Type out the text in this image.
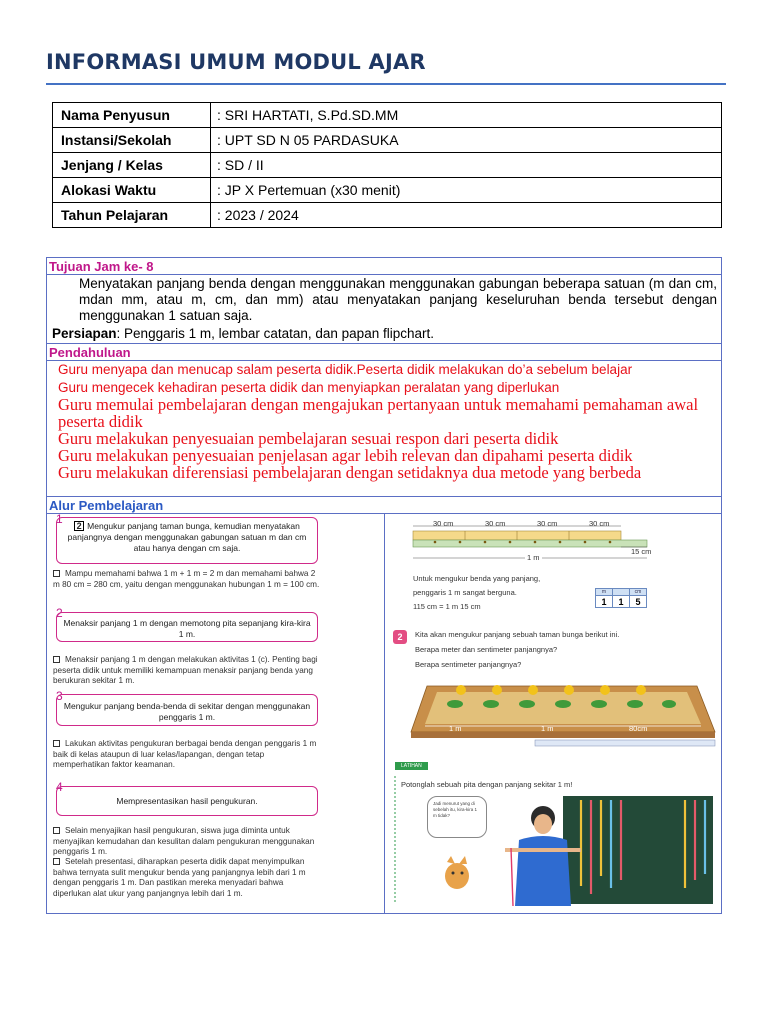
INFORMASI UMUM MODUL AJAR
Nama Penyusun	: SRI HARTATI, S.Pd.SD.MM
Instansi/Sekolah	: UPT SD N 05 PARDASUKA
Jenjang / Kelas	: SD / II
Alokasi Waktu	: JP X Pertemuan (x30 menit)
Tahun Pelajaran	: 2023 / 2024
Tujuan Jam ke- 8
Menyatakan panjang benda dengan menggunakan menggunakan gabungan beberapa satuan (m dan cm, mdan mm, atau m, cm, dan mm) atau menyatakan panjang keseluruhan benda tersebut dengan menggunakan 1 satuan saja.
Persiapan: Penggaris 1 m, lembar catatan, dan papan flipchart.
Pendahuluan
Guru menyapa dan menucap salam peserta didik.Peserta didik melakukan do’a sebelum belajar
Guru mengecek kehadiran peserta didik dan menyiapkan peralatan yang diperlukan
Guru memulai pembelajaran dengan mengajukan pertanyaan untuk memahami pemahaman awal
peserta didik
Guru melakukan penyesuaian pembelajaran sesuai respon dari peserta didik
Guru melakukan penyesuaian penjelasan agar lebih relevan dan dipahami peserta didik
Guru melakukan diferensiasi pembelajaran dengan setidaknya dua metode yang berbeda
Alur Pembelajaran
1	2 Mengukur panjang taman bunga, kemudian menyatakan panjangnya dengan menggunakan gabungan satuan m dan cm atau hanya dengan cm saja.
Mampu memahami bahwa 1 m + 1 m = 2 m dan memahami bahwa 2 m 80 cm = 280 cm, yaitu dengan menggunakan hubungan 1 m = 100 cm.
2
Menaksir panjang 1 m dengan memotong pita sepanjang kira-kira 1 m.
Menaksir panjang 1 m dengan melakukan aktivitas 1 (c). Penting bagi peserta didik untuk memiliki kemampuan menaksir panjang benda yang berukuran sekitar 1 m.
3
Mengukur panjang benda-benda di sekitar dengan menggunakan penggaris 1 m.
Lakukan aktivitas pengukuran berbagai benda dengan penggaris 1 m baik di kelas ataupun di luar kelas/lapangan, dengan tetap memperhatikan faktor keamanan.
4
Mempresentasikan hasil pengukuran.
Selain menyajikan hasil pengukuran, siswa juga diminta untuk menyajikan kemudahan dan kesulitan dalam pengukuran menggunakan penggaris 1 m.
Setelah presentasi, diharapkan peserta didik dapat menyimpulkan bahwa ternyata sulit mengukur benda yang panjangnya lebih dari 1 m dengan penggaris 1 m. Dan pastikan mereka menyadari bahwa diperlukan alat ukur yang panjangnya lebih dari 1 m.
30 cm	30 cm	30 cm	30 cm
15 cm
1 m
Untuk mengukur benda yang panjang,
penggaris 1 m sangat berguna.
115 cm = 1 m 15 cm
m		cm
1	1	5
2	Kita akan mengukur panjang sebuah taman bunga berikut ini.
Berapa meter dan sentimeter panjangnya?
Berapa sentimeter panjangnya?
1 m	1 m	80cm
LATIHAN
Potonglah sebuah pita dengan panjang sekitar 1 m!
Jadi menurut yang di sebelah itu, kira-kira 1 m tidak?
